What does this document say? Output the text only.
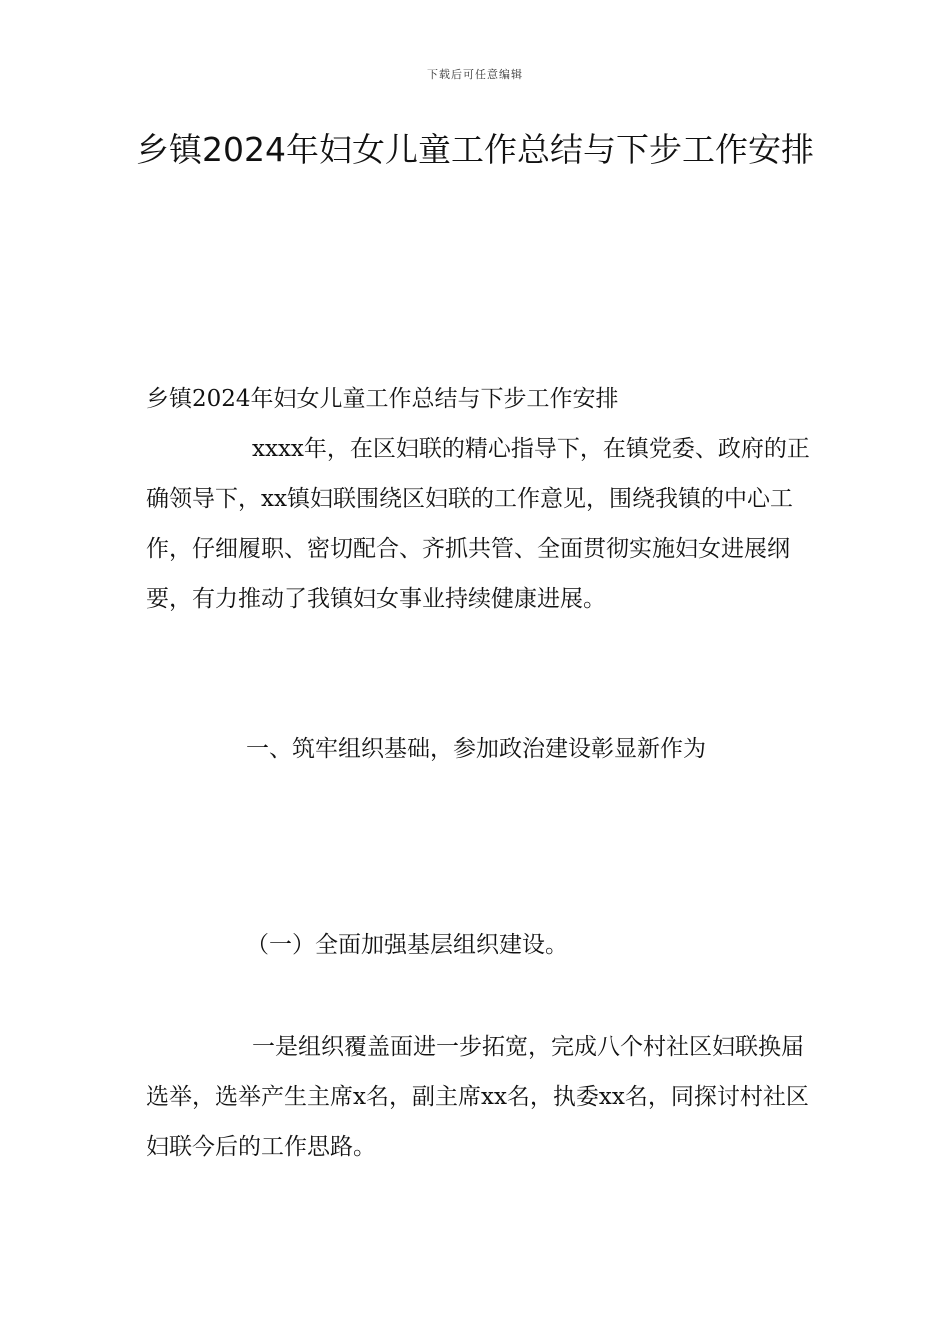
下载后可任意编辑
乡镇2024年妇女儿童工作总结与下步工作安排

乡镇2024年妇女儿童工作总结与下步工作安排

xxxx年，在区妇联的精心指导下，在镇党委、政府的正确领导下，xx镇妇联围绕区妇联的工作意见，围绕我镇的中心工作，仔细履职、密切配合、齐抓共管、全面贯彻实施妇女进展纲要，有力推动了我镇妇女事业持续健康进展。

一、筑牢组织基础，参加政治建设彰显新作为

（一）全面加强基层组织建设。

一是组织覆盖面进一步拓宽，完成八个村社区妇联换届选举，选举产生主席x名，副主席xx名，执委xx名，同探讨村社区妇联今后的工作思路。
